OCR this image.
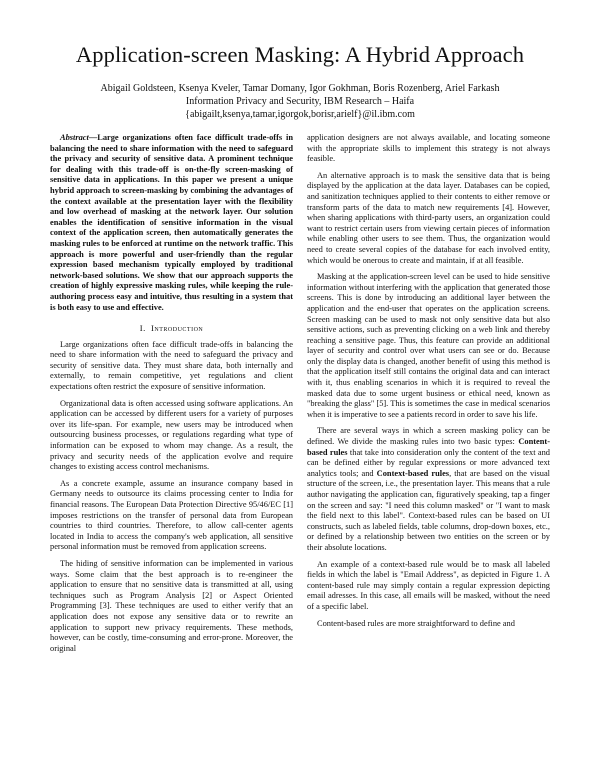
Application-screen Masking: A Hybrid Approach
Abigail Goldsteen, Ksenya Kveler, Tamar Domany, Igor Gokhman, Boris Rozenberg, Ariel Farkash
Information Privacy and Security, IBM Research – Haifa
{abigailt,ksenya,tamar,igorgok,borisr,arielf}@il.ibm.com

Abstract—Large organizations often face difficult trade-offs in balancing the need to share information with the need to safeguard the privacy and security of sensitive data. A prominent technique for dealing with this trade-off is on-the-fly screen-masking of sensitive data in applications. In this paper we present a unique hybrid approach to screen-masking by combining the advantages of the context available at the presentation layer with the flexibility and low overhead of masking at the network layer. Our solution enables the identification of sensitive information in the visual context of the application screen, then automatically generates the masking rules to be enforced at runtime on the network traffic. This approach is more powerful and user-friendly than the regular expression based mechanism typically employed by traditional network-based solutions. We show that our approach supports the creation of highly expressive masking rules, while keeping the rule-authoring process easy and intuitive, thus resulting in a system that is both easy to use and effective.

I. Introduction

Large organizations often face difficult trade-offs in balancing the need to share information with the need to safeguard the privacy and security of sensitive data. They must share data, both internally and externally, to remain competitive, yet regulations and client expectations often restrict the exposure of sensitive information.

Organizational data is often accessed using software applications. An application can be accessed by different users for a variety of purposes over its life-span. For example, new users may be introduced when outsourcing business processes, or regulations regarding what type of information can be exposed to whom may change. As a result, the privacy and security needs of the application evolve and require changes to existing access control mechanisms.

As a concrete example, assume an insurance company based in Germany needs to outsource its claims processing center to India for financial reasons. The European Data Protection Directive 95/46/EC [1] imposes restrictions on the transfer of personal data from European countries to third countries. Therefore, to allow call-center agents located in India to access the company's web application, all sensitive personal information must be removed from application screens.

The hiding of sensitive information can be implemented in various ways. Some claim that the best approach is to re-engineer the application to ensure that no sensitive data is transmitted at all, using techniques such as Program Analysis [2] or Aspect Oriented Programming [3]. These techniques are used to either verify that an application does not expose any sensitive data or to rewrite an application to support new privacy requirements. These methods, however, can be costly, time-consuming and error-prone. Moreover, the original

application designers are not always available, and locating someone with the appropriate skills to implement this strategy is not always feasible.

An alternative approach is to mask the sensitive data that is being displayed by the application at the data layer. Databases can be copied, and sanitization techniques applied to their contents to either remove or transform parts of the data to match new requirements [4]. However, when sharing applications with third-party users, an organization could want to restrict certain users from viewing certain pieces of information while enabling other users to see them. Thus, the organization would need to create several copies of the database for each involved entity, which would be onerous to create and maintain, if at all feasible.

Masking at the application-screen level can be used to hide sensitive information without interfering with the application that generated those screens. This is done by introducing an additional layer between the application and the end-user that operates on the application screens. Screen masking can be used to mask not only sensitive data but also sensitive actions, such as preventing clicking on a web link and thereby reaching a sensitive page. Thus, this feature can provide an additional layer of security and control over what users can see or do. Because only the display data is changed, another benefit of using this method is that the application itself still contains the original data and can interact with it, thus enabling scenarios in which it is required to reveal the masked data due to some urgent business or ethical need, known as "breaking the glass" [5]. This is sometimes the case in medical scenarios when it is imperative to see a patients record in order to save his life.

There are several ways in which a screen masking policy can be defined. We divide the masking rules into two basic types: Content-based rules that take into consideration only the content of the text and can be defined either by regular expressions or more advanced text analytics tools; and Context-based rules, that are based on the visual structure of the screen, i.e., the presentation layer. This means that a rule author navigating the application can, figuratively speaking, tap a finger on the screen and say: "I need this column masked" or "I want to mask the field next to this label". Context-based rules can be based on UI constructs, such as labeled fields, table columns, drop-down boxes, etc., or defined by a relationship between two entities on the screen or by their absolute locations.

An example of a context-based rule would be to mask all labeled fields in which the label is "Email Address", as depicted in Figure 1. A content-based rule may simply contain a regular expression depicting email adresses. In this case, all emails will be masked, without the need of a specific label.

Content-based rules are more straightforward to define and
